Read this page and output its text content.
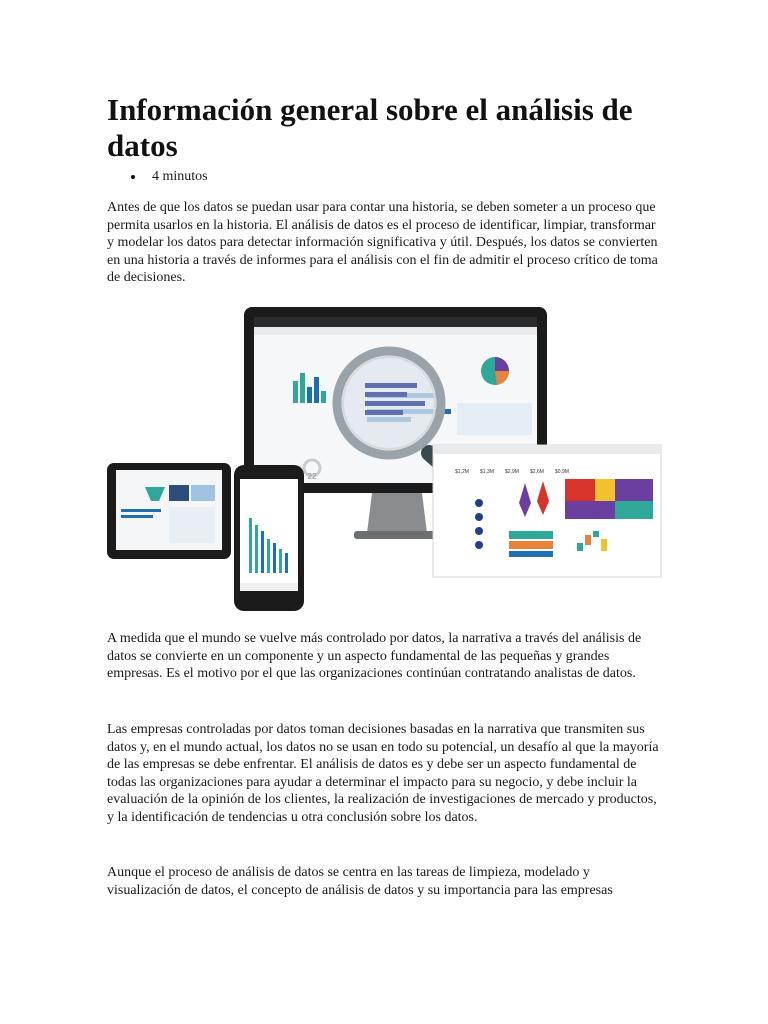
Información general sobre el análisis de datos
4 minutos

Antes de que los datos se puedan usar para contar una historia, se deben someter a un proceso que permita usarlos en la historia. El análisis de datos es el proceso de identificar, limpiar, transformar y modelar los datos para detectar información significativa y útil. Después, los datos se convierten en una historia a través de informes para el análisis con el fin de admitir el proceso crítico de toma de decisiones.

$1,2M $1,3M $2,9M $2,6M $0,9M
22

A medida que el mundo se vuelve más controlado por datos, la narrativa a través del análisis de datos se convierte en un componente y un aspecto fundamental de las pequeñas y grandes empresas. Es el motivo por el que las organizaciones continúan contratando analistas de datos.

Las empresas controladas por datos toman decisiones basadas en la narrativa que transmiten sus datos y, en el mundo actual, los datos no se usan en todo su potencial, un desafío al que la mayoría de las empresas se debe enfrentar. El análisis de datos es y debe ser un aspecto fundamental de todas las organizaciones para ayudar a determinar el impacto para su negocio, y debe incluir la evaluación de la opinión de los clientes, la realización de investigaciones de mercado y productos, y la identificación de tendencias u otra conclusión sobre los datos.

Aunque el proceso de análisis de datos se centra en las tareas de limpieza, modelado y visualización de datos, el concepto de análisis de datos y su importancia para las empresas
